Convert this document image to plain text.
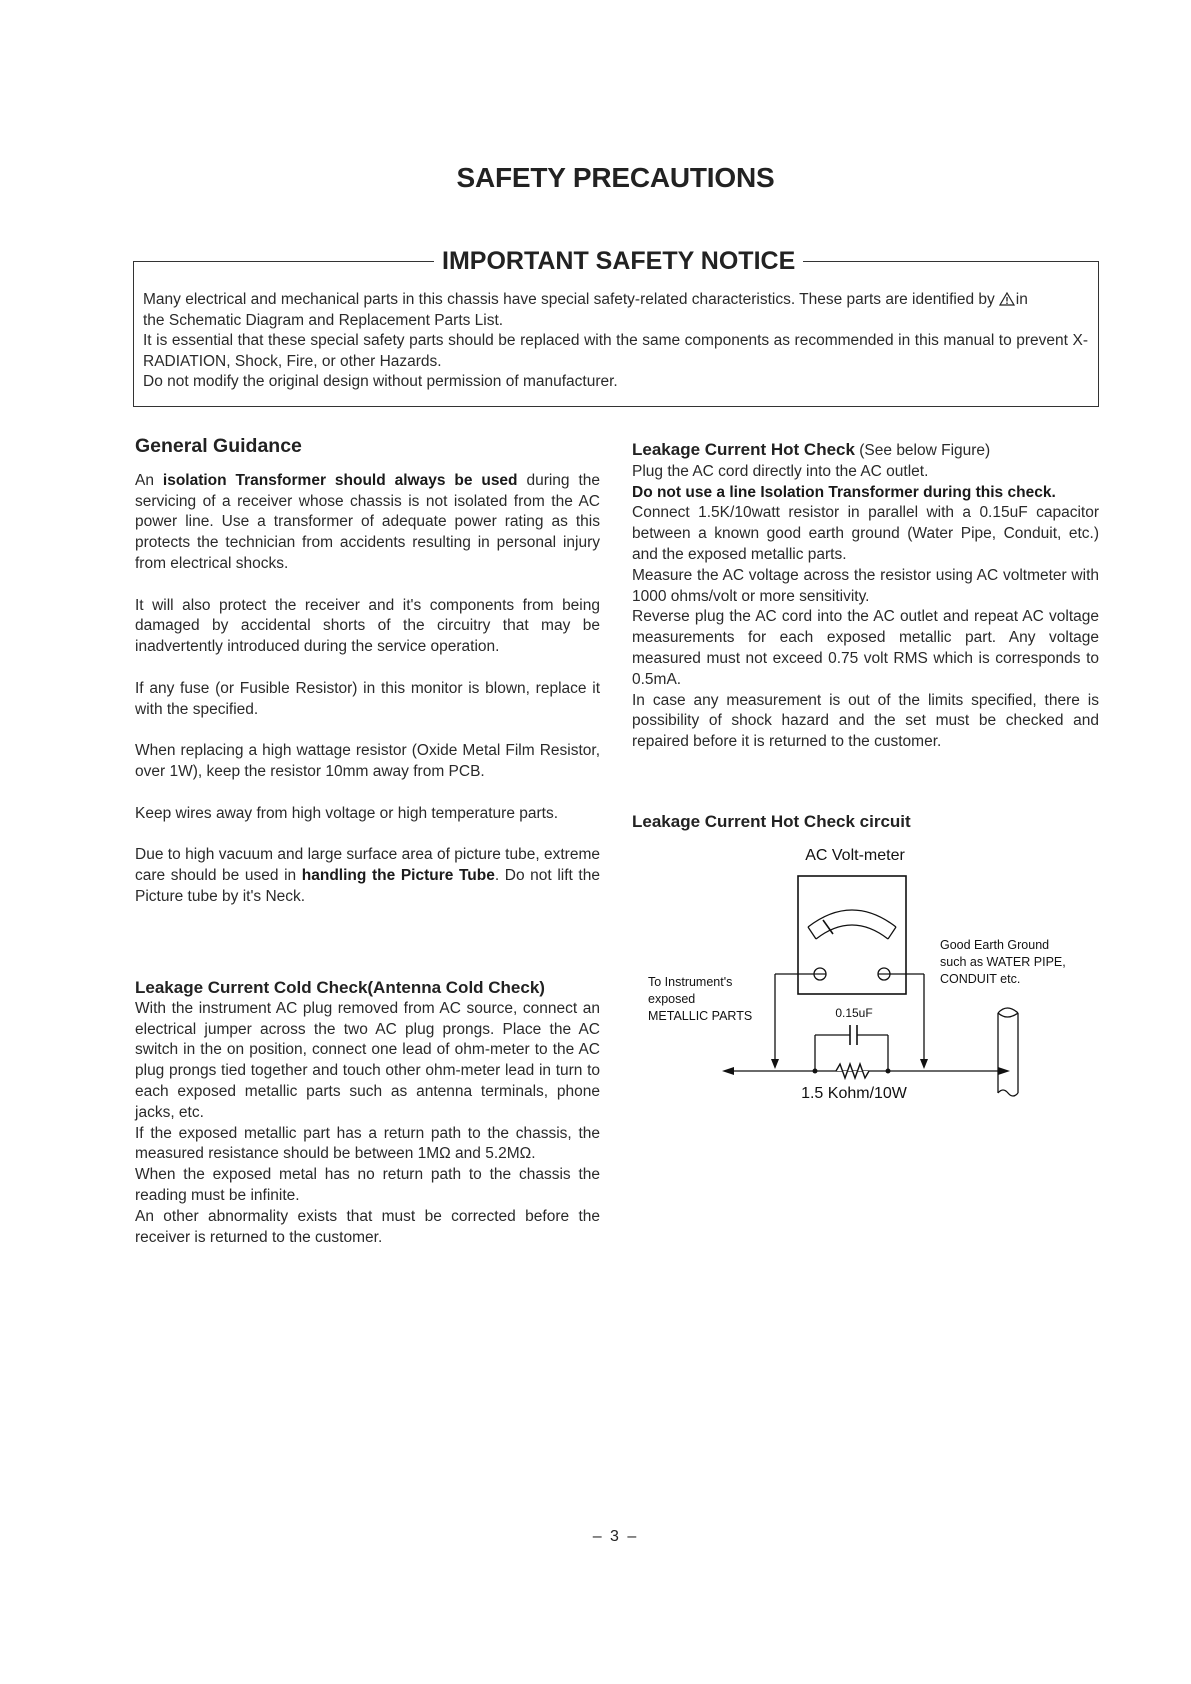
SAFETY PRECAUTIONS
IMPORTANT SAFETY NOTICE

Many electrical and mechanical parts in this chassis have special safety-related characteristics. These parts are identified by in
the Schematic Diagram and Replacement Parts List.

It is essential that these special safety parts should be replaced with the same components as recommended in this manual to prevent X-RADIATION, Shock, Fire, or other Hazards.

Do not modify the original design without permission of manufacturer.

General Guidance

An isolation Transformer should always be used during the servicing of a receiver whose chassis is not isolated from the AC power line. Use a transformer of adequate power rating as this protects the technician from accidents resulting in personal injury from electrical shocks.

It will also protect the receiver and it's components from being damaged by accidental shorts of the circuitry that may be inadvertently introduced during the service operation.

If any fuse (or Fusible Resistor) in this monitor is blown, replace it with the specified.

When replacing a high wattage resistor (Oxide Metal Film Resistor, over 1W), keep the resistor 10mm away from PCB.

Keep wires away from high voltage or high temperature parts.

Due to high vacuum and large surface area of picture tube, extreme care should be used in handling the Picture Tube. Do not lift the Picture tube by it's Neck.

Leakage Current Cold Check(Antenna Cold Check)

With the instrument AC plug removed from AC source, connect an electrical jumper across the two AC plug prongs. Place the AC switch in the on position, connect one lead of ohm-meter to the AC plug prongs tied together and touch other ohm-meter lead in turn to each exposed metallic parts such as antenna terminals, phone jacks, etc.

If the exposed metallic part has a return path to the chassis, the measured resistance should be between 1MΩ and 5.2MΩ.

When the exposed metal has no return path to the chassis the reading must be infinite.

An other abnormality exists that must be corrected before the receiver is returned to the customer.

Leakage Current Hot Check (See below Figure)

Plug the AC cord directly into the AC outlet.

Do not use a line Isolation Transformer during this check.

Connect 1.5K/10watt resistor in parallel with a 0.15uF capacitor between a known good earth ground (Water Pipe, Conduit, etc.) and the exposed metallic parts.

Measure the AC voltage across the resistor using AC voltmeter with 1000 ohms/volt or more sensitivity.

Reverse plug the AC cord into the AC outlet and repeat AC voltage measurements for each exposed metallic part. Any voltage measured must not exceed 0.75 volt RMS which is corresponds to 0.5mA.

In case any measurement is out of the limits specified, there is possibility of shock hazard and the set must be checked and repaired before it is returned to the customer.

Leakage Current Hot Check circuit
AC Volt-meter
0.15uF
1.5 Kohm/10W
To Instrument's
exposed
METALLIC PARTS
Good Earth Ground
such as WATER PIPE,
CONDUIT etc.
– 3 –
